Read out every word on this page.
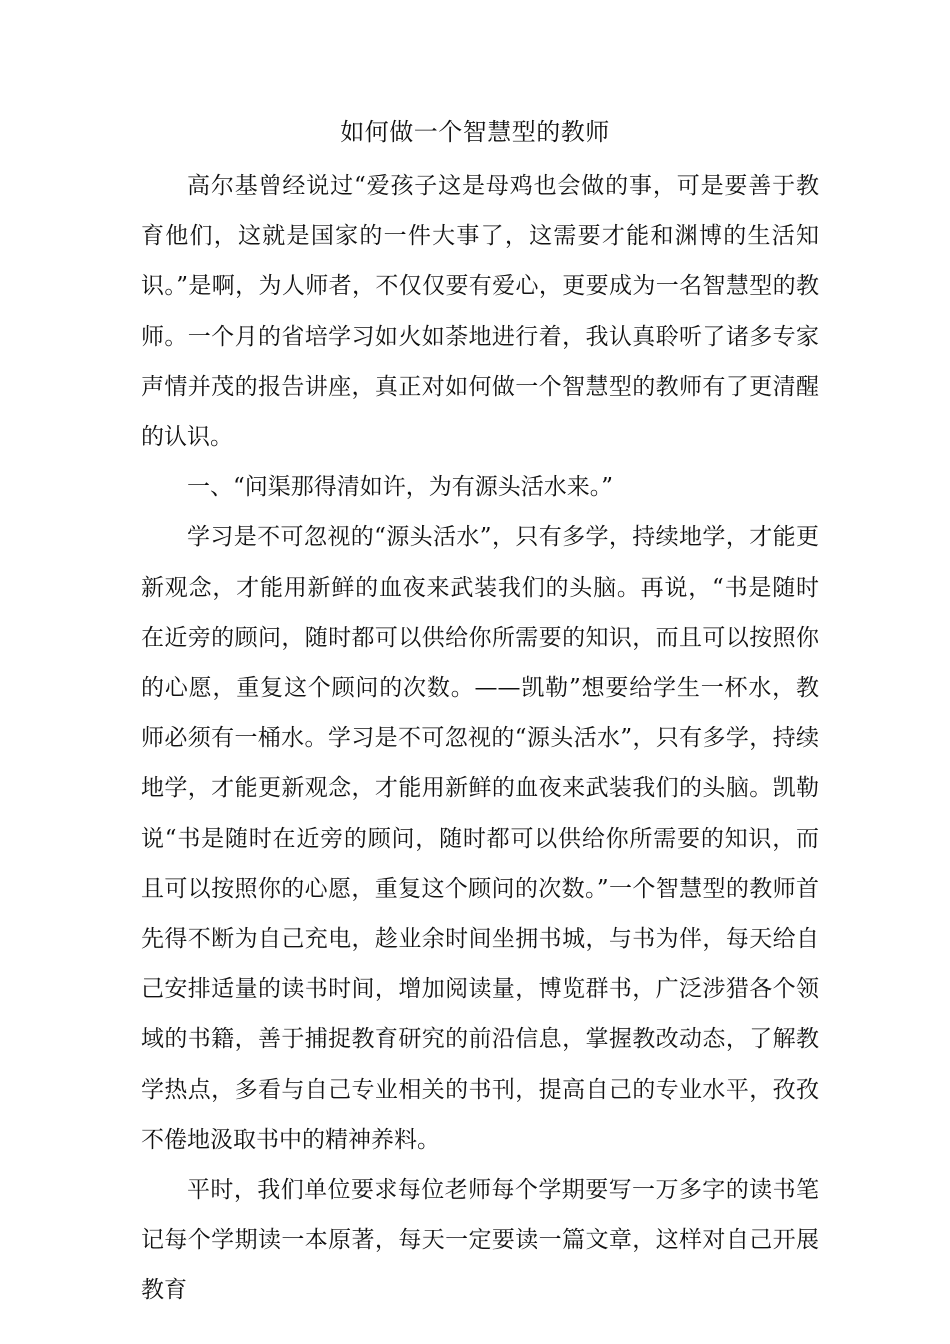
如何做一个智慧型的教师

高尔基曾经说过“爱孩子这是母鸡也会做的事，可是要善于教育他们，这就是国家的一件大事了，这需要才能和渊博的生活知识。”是啊，为人师者，不仅仅要有爱心，更要成为一名智慧型的教师。一个月的省培学习如火如荼地进行着，我认真聆听了诸多专家声情并茂的报告讲座，真正对如何做一个智慧型的教师有了更清醒的认识。

一、“问渠那得清如许，为有源头活水来。”

学习是不可忽视的“源头活水”，只有多学，持续地学，才能更新观念，才能用新鲜的血夜来武装我们的头脑。再说，“书是随时在近旁的顾问，随时都可以供给你所需要的知识，而且可以按照你的心愿，重复这个顾问的次数。——凯勒”想要给学生一杯水，教师必须有一桶水。学习是不可忽视的“源头活水”，只有多学，持续地学，才能更新观念，才能用新鲜的血夜来武装我们的头脑。凯勒说“书是随时在近旁的顾问，随时都可以供给你所需要的知识，而且可以按照你的心愿，重复这个顾问的次数。”一个智慧型的教师首先得不断为自己充电，趁业余时间坐拥书城，与书为伴，每天给自己安排适量的读书时间，增加阅读量，博览群书，广泛涉猎各个领域的书籍，善于捕捉教育研究的前沿信息，掌握教改动态，了解教学热点，多看与自己专业相关的书刊，提高自己的专业水平，孜孜不倦地汲取书中的精神养料。

平时，我们单位要求每位老师每个学期要写一万多字的读书笔记每个学期读一本原著，每天一定要读一篇文章，这样对自己开展教育
